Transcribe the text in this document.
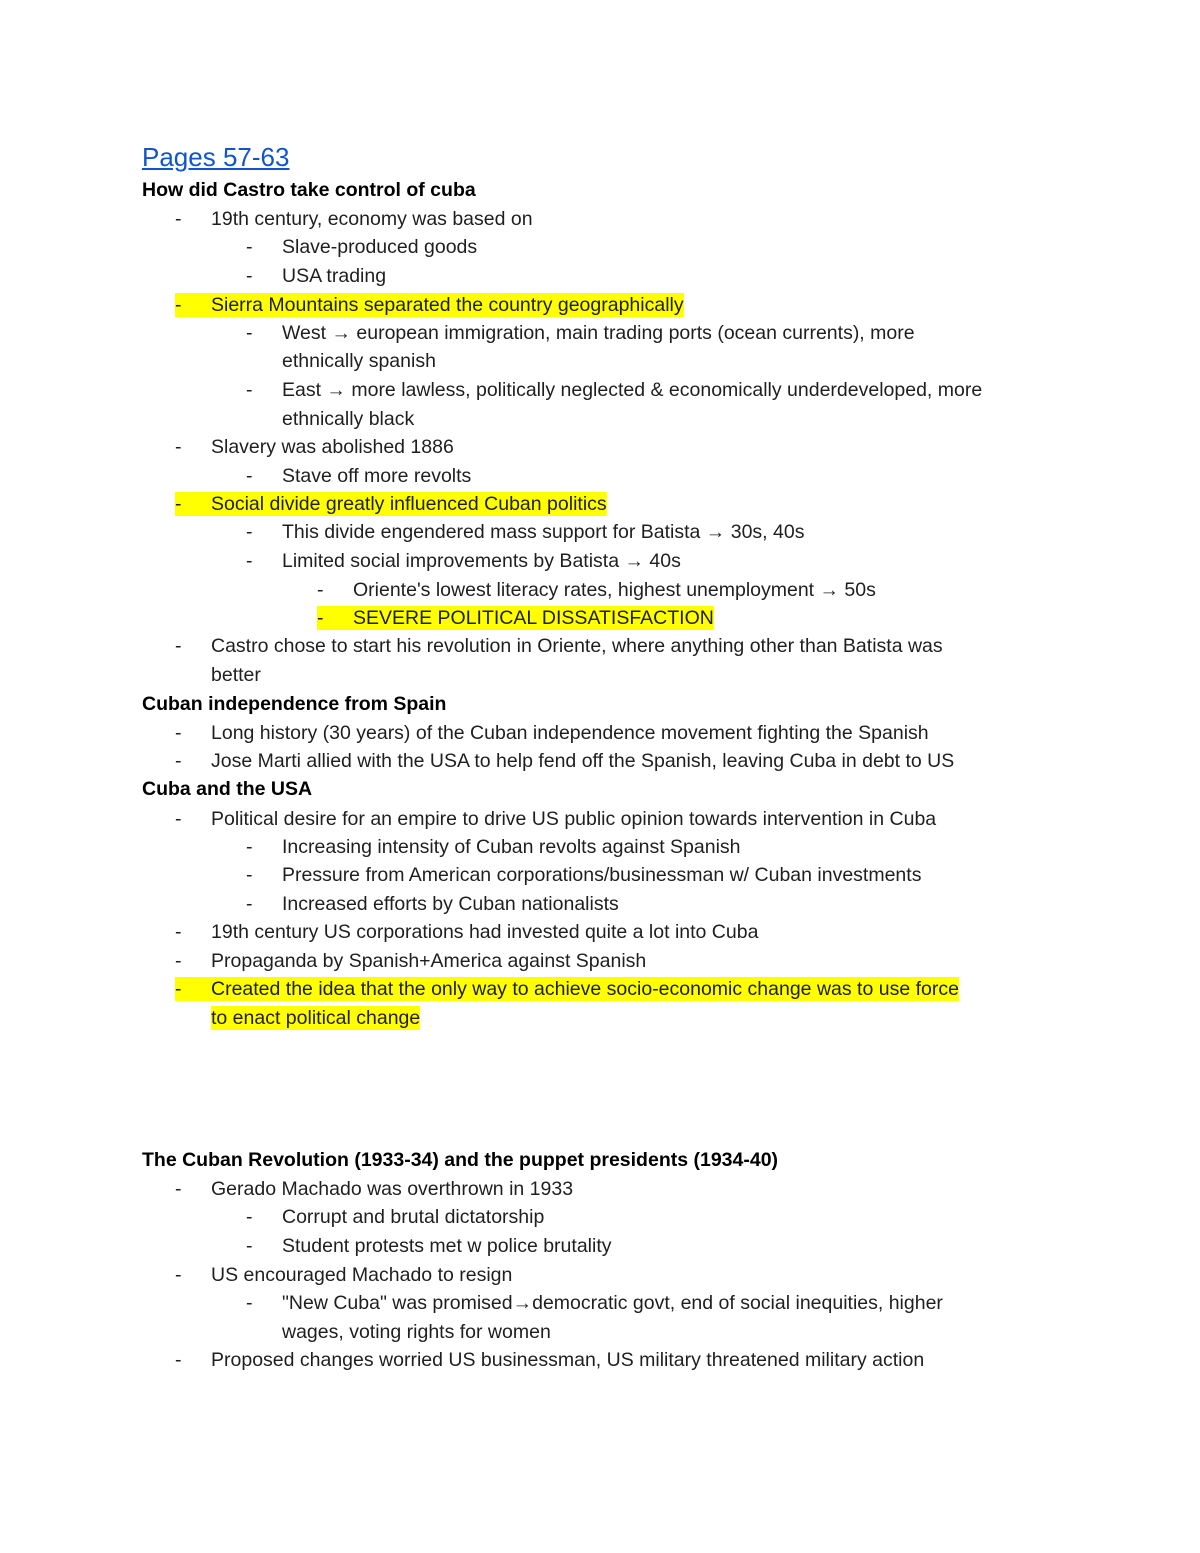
Pages 57-63
How did Castro take control of cuba
-	19th century, economy was based on
-	Slave-produced goods
-	USA trading
-	Sierra Mountains separated the country geographically
-	West → european immigration, main trading ports (ocean currents), more
ethnically spanish
-	East → more lawless, politically neglected & economically underdeveloped, more
ethnically black
-	Slavery was abolished 1886
-	Stave off more revolts
-	Social divide greatly influenced Cuban politics
-	This divide engendered mass support for Batista → 30s, 40s
-	Limited social improvements by Batista → 40s
-	Oriente's lowest literacy rates, highest unemployment → 50s
-	SEVERE POLITICAL DISSATISFACTION
-	Castro chose to start his revolution in Oriente, where anything other than Batista was
better
Cuban independence from Spain
-	Long history (30 years) of the Cuban independence movement fighting the Spanish
-	Jose Marti allied with the USA to help fend off the Spanish, leaving Cuba in debt to US
Cuba and the USA
-	Political desire for an empire to drive US public opinion towards intervention in Cuba
-	Increasing intensity of Cuban revolts against Spanish
-	Pressure from American corporations/businessman w/ Cuban investments
-	Increased efforts by Cuban nationalists
-	19th century US corporations had invested quite a lot into Cuba
-	Propaganda by Spanish+America against Spanish
-	Created the idea that the only way to achieve socio-economic change was to use force
to enact political change
The Cuban Revolution (1933-34) and the puppet presidents (1934-40)
-	Gerado Machado was overthrown in 1933
-	Corrupt and brutal dictatorship
-	Student protests met w police brutality
-	US encouraged Machado to resign
-	"New Cuba" was promised→democratic govt, end of social inequities, higher
wages, voting rights for women
-	Proposed changes worried US businessman, US military threatened military action
